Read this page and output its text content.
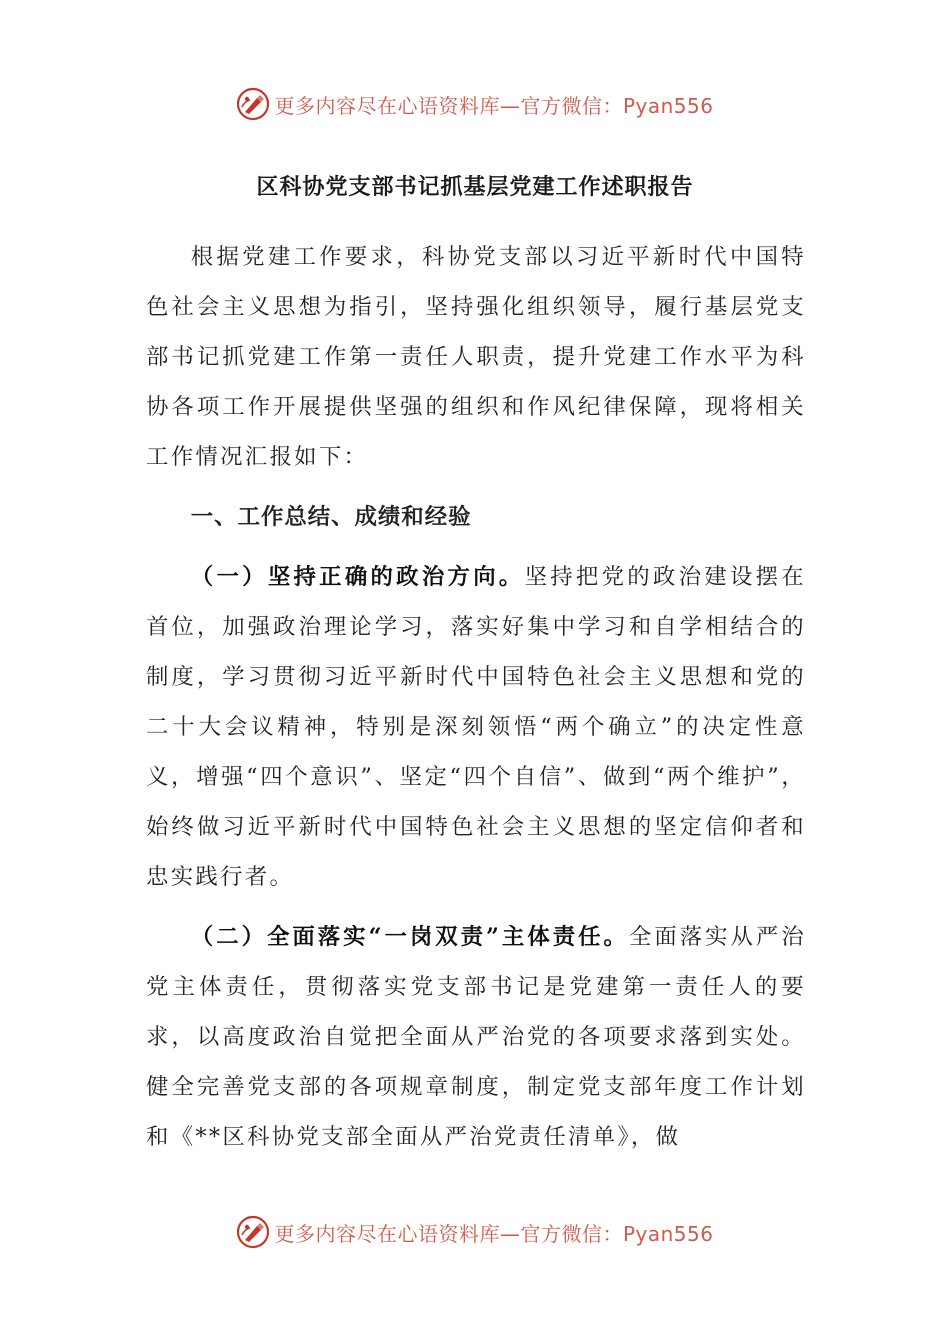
更多内容尽在心语资料库—官方微信：Pyan556
区科协党支部书记抓基层党建工作述职报告

根据党建工作要求，科协党支部以习近平新时代中国特色社会主义思想为指引，坚持强化组织领导，履行基层党支部书记抓党建工作第一责任人职责，提升党建工作水平为科协各项工作开展提供坚强的组织和作风纪律保障，现将相关工作情况汇报如下：

一、工作总结、成绩和经验

（一）坚持正确的政治方向。坚持把党的政治建设摆在首位，加强政治理论学习，落实好集中学习和自学相结合的制度，学习贯彻习近平新时代中国特色社会主义思想和党的二十大会议精神，特别是深刻领悟“两个确立”的决定性意义，增强“四个意识”、坚定“四个自信”、做到“两个维护”，始终做习近平新时代中国特色社会主义思想的坚定信仰者和忠实践行者。

（二）全面落实“一岗双责”主体责任。全面落实从严治党主体责任，贯彻落实党支部书记是党建第一责任人的要求，以高度政治自觉把全面从严治党的各项要求落到实处。健全完善党支部的各项规章制度，制定党支部年度工作计划和《**区科协党支部全面从严治党责任清单》，做

更多内容尽在心语资料库—官方微信：Pyan556
